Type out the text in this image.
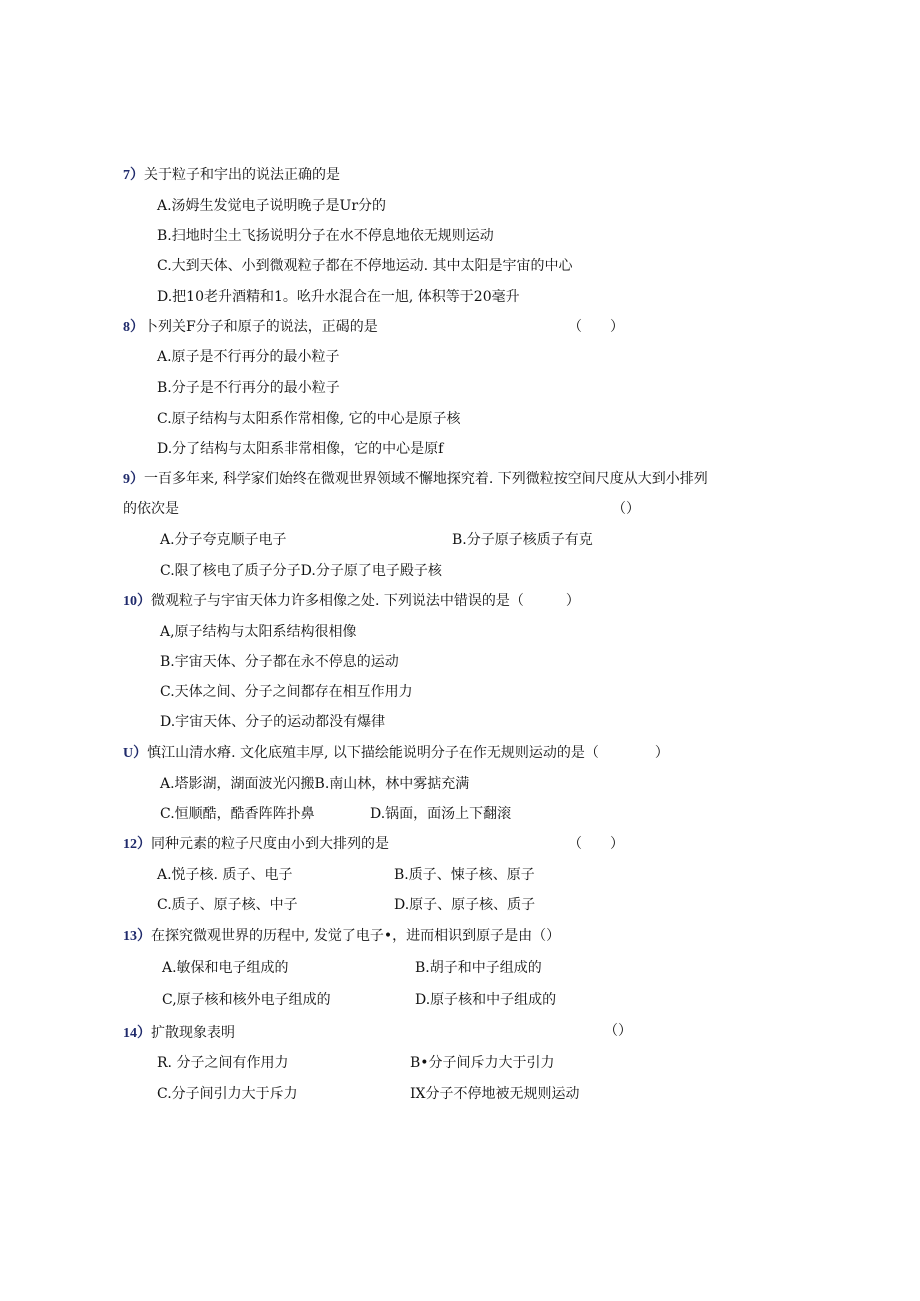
7）关于粒子和宇出的说法正确的是
A.汤姆生发觉电子说明晚子是Ur分的
B.扫地时尘土飞扬说明分子在水不停息地依无规则运动
C.大到天体、小到微观粒子都在不停地运动. 其中太阳是宇宙的中心
D.把10老升酒精和1。吆升水混合在一旭, 体积等于20毫升
8）卜列关F分子和原子的说法，正碣的是	（　　）
A.原子是不行再分的最小粒子
B.分子是不行再分的最小粒子
C.原子结构与太阳系作常相像, 它的中心是原子核
D.分了结构与太阳系非常相像，它的中心是原f
9）一百多年来, 科学家们始终在微观世界领域不懈地探究着. 下列微粒按空间尺度从大到小排列
的依次是	（）
A.分子夸克顺子电子	B.分子原子核质子有克
C.限了核电了质子分子D.分子原了电子殿子核
10）微观粒子与宇宙天体力许多相像之处. 下列说法中错误的是（　　　）
A,原子结构与太阳系结构很相像
B.宇宙天体、分子都在永不停息的运动
C.天体之间、分子之间都存在相互作用力
D.宇宙天体、分子的运动都没有爆律
U）慎江山清水瘠. 文化底殖丰厚, 以下描绘能说明分子在作无规则运动的是（　　　　）
A.塔影湖，湖面波光闪搬B.南山林，林中雾掂充满
C.恒顺酷，酷香阵阵扑鼻	D.锅面，面汤上下翻滚
12）同种元素的粒子尺度由小到大排列的是	（　　）
A.悦子核. 质子、电子	B.质子、悚子核、原子
C.质子、原子核、中子	D.原子、原子核、质子
13）在探究微观世界的历程中, 发觉了电子•，进而相识到原子是由（）
A.敏保和电子组成的	B.胡子和中子组成的
C,原子核和核外电子组成的	D.原子核和中子组成的
14）扩散现象表明	（）
R. 分子之间有作用力	B•分子间斥力大于引力
C.分子间引力大于斥力	IX分子不停地被无规则运动
